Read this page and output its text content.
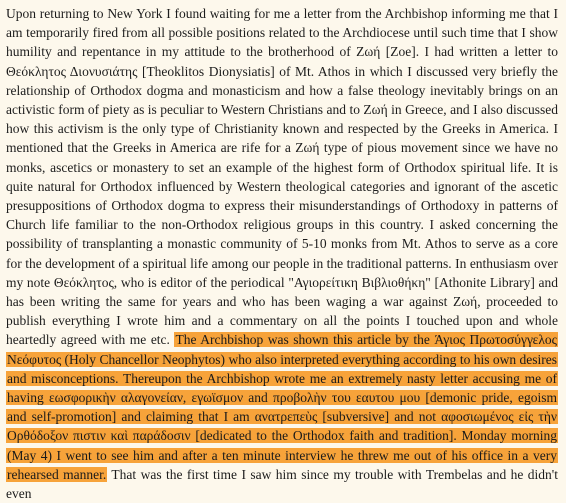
Upon returning to New York I found waiting for me a letter from the Archbishop informing me that I am temporarily fired from all possible positions related to the Archdiocese until such time that I show humility and repentance in my attitude to the brotherhood of Ζωή [Zoe]. I had written a letter to Θεόκλητος Διονυσιάτης [Theoklitos Dionysiatis] of Mt. Athos in which I discussed very briefly the relationship of Orthodox dogma and monasticism and how a false theology inevitably brings on an activistic form of piety as is peculiar to Western Christians and to Ζωή in Greece, and I also discussed how this activism is the only type of Christianity known and respected by the Greeks in America. I mentioned that the Greeks in America are rife for a Ζωή type of pious movement since we have no monks, ascetics or monastery to set an example of the highest form of Orthodox spiritual life. It is quite natural for Orthodox influenced by Western theological categories and ignorant of the ascetic presuppositions of Orthodox dogma to express their misunderstandings of Orthodoxy in patterns of Church life familiar to the non-Orthodox religious groups in this country. I asked concerning the possibility of transplanting a monastic community of 5-10 monks from Mt. Athos to serve as a core for the development of a spiritual life among our people in the traditional patterns. In enthusiasm over my note Θεόκλητος, who is editor of the periodical "Αγιορείτικη Βιβλιοθήκη" [Athonite Library] and has been writing the same for years and who has been waging a war against Ζωή, proceeded to publish everything I wrote him and a commentary on all the points I touched upon and whole heartedly agreed with me etc. The Archbishop was shown this article by the Άγιος Πρωτοσύγγελος Νεόφυτος (Holy Chancellor Neophytos) who also interpreted everything according to his own desires and misconceptions. Thereupon the Archbishop wrote me an extremely nasty letter accusing me of having εωσφορικὴν αλαγονείαν, εγωϊσμον and προβολὴν του εαυτου μου [demonic pride, egoism and self-promotion] and claiming that I am ανατρεπεὺς [subversive] and not αφοσιωμένος εἰς τὴν Ορθόδοξον πιστιν καὶ παράδοσιν [dedicated to the Orthodox faith and tradition]. Monday morning (May 4) I went to see him and after a ten minute interview he threw me out of his office in a very rehearsed manner. That was the first time I saw him since my trouble with Trembelas and he didn't even
